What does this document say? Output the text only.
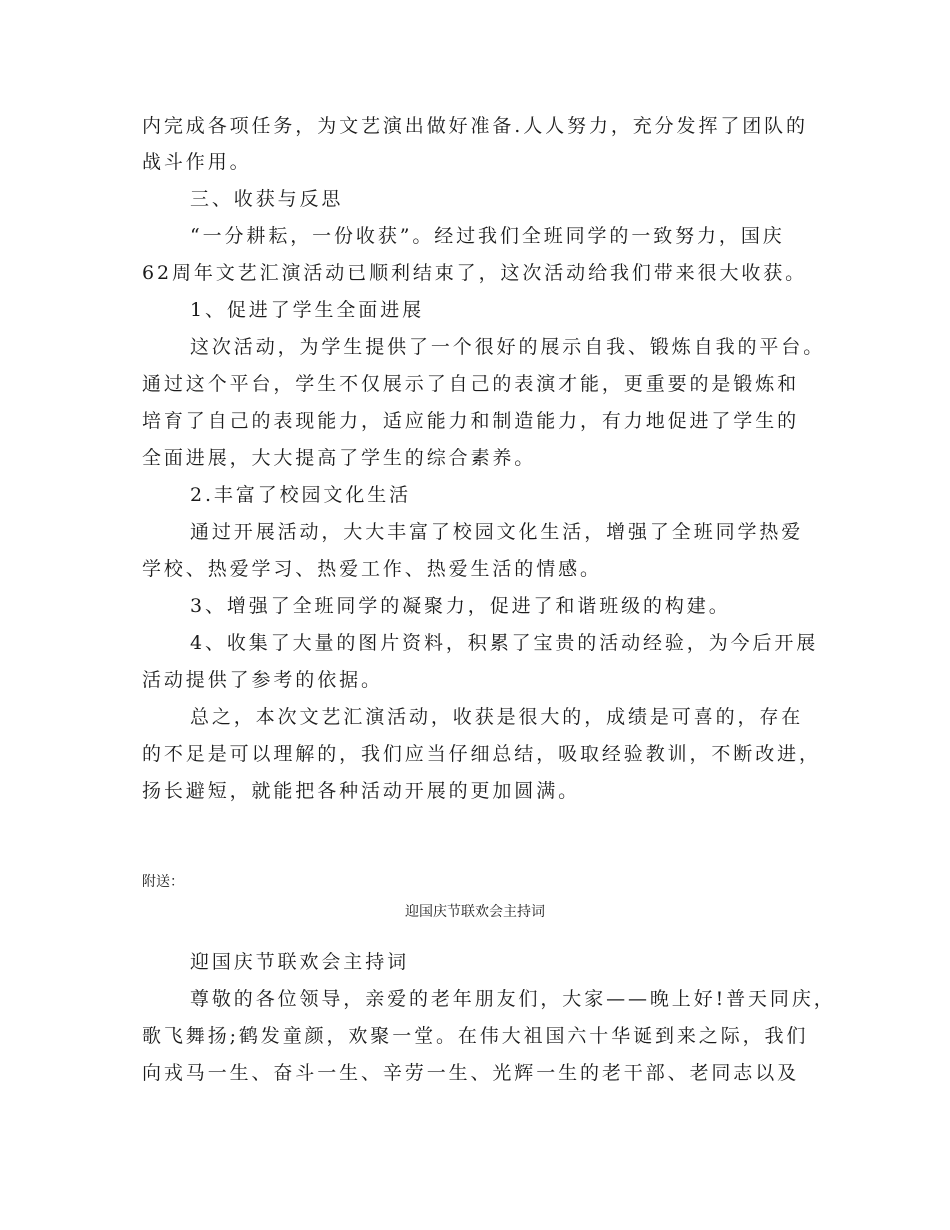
内完成各项任务，为文艺演出做好准备.人人努力，充分发挥了团队的
战斗作用。
三、收获与反思
“一分耕耘，一份收获”。经过我们全班同学的一致努力，国庆
62周年文艺汇演活动已顺利结束了，这次活动给我们带来很大收获。
1、促进了学生全面进展
这次活动，为学生提供了一个很好的展示自我、锻炼自我的平台。
通过这个平台，学生不仅展示了自己的表演才能，更重要的是锻炼和
培育了自己的表现能力，适应能力和制造能力，有力地促进了学生的
全面进展，大大提高了学生的综合素养。
2.丰富了校园文化生活
通过开展活动，大大丰富了校园文化生活，增强了全班同学热爱
学校、热爱学习、热爱工作、热爱生活的情感。
3、增强了全班同学的凝聚力，促进了和谐班级的构建。
4、收集了大量的图片资料，积累了宝贵的活动经验，为今后开展
活动提供了参考的依据。
总之，本次文艺汇演活动，收获是很大的，成绩是可喜的，存在
的不足是可以理解的，我们应当仔细总结，吸取经验教训，不断改进，
扬长避短，就能把各种活动开展的更加圆满。
附送：
迎国庆节联欢会主持词
迎国庆节联欢会主持词
尊敬的各位领导，亲爱的老年朋友们，大家——晚上好!普天同庆，
歌飞舞扬;鹤发童颜，欢聚一堂。在伟大祖国六十华诞到来之际，我们
向戎马一生、奋斗一生、辛劳一生、光辉一生的老干部、老同志以及
